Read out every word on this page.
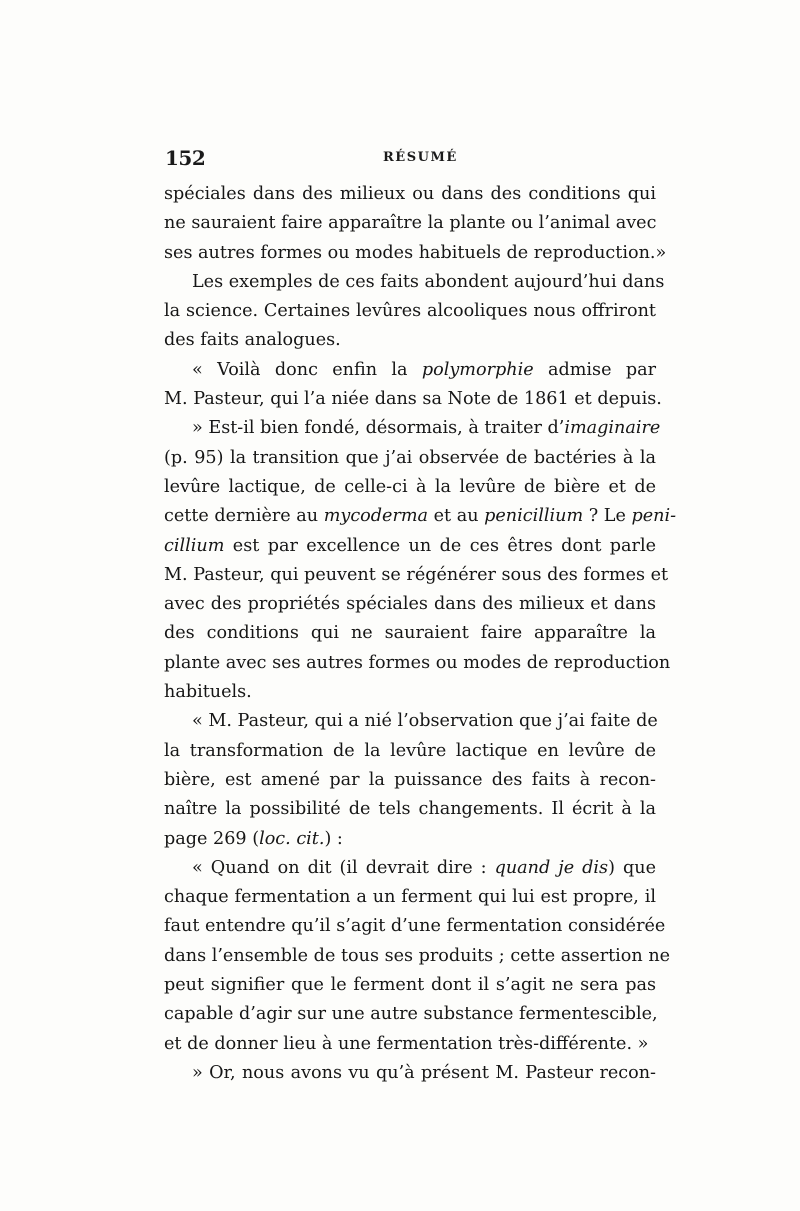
152	RÉSUMÉ
spéciales dans des milieux ou dans des conditions qui
ne sauraient faire apparaître la plante ou l’animal avec
ses autres formes ou modes habituels de reproduction.»
Les exemples de ces faits abondent aujourd’hui dans
la science. Certaines levûres alcooliques nous offriront
des faits analogues.
« Voilà donc enfin la polymorphie admise par
M. Pasteur, qui l’a niée dans sa Note de 1861 et depuis.
» Est-il bien fondé, désormais, à traiter d’imaginaire
(p. 95) la transition que j’ai observée de bactéries à la
levûre lactique, de celle-ci à la levûre de bière et de
cette dernière au mycoderma et au penicillium ? Le peni-
cillium est par excellence un de ces êtres dont parle
M. Pasteur, qui peuvent se régénérer sous des formes et
avec des propriétés spéciales dans des milieux et dans
des conditions qui ne sauraient faire apparaître la
plante avec ses autres formes ou modes de reproduction
habituels.
« M. Pasteur, qui a nié l’observation que j’ai faite de
la transformation de la levûre lactique en levûre de
bière, est amené par la puissance des faits à recon-
naître la possibilité de tels changements. Il écrit à la
page 269 (loc. cit.) :
« Quand on dit (il devrait dire : quand je dis) que
chaque fermentation a un ferment qui lui est propre, il
faut entendre qu’il s’agit d’une fermentation considérée
dans l’ensemble de tous ses produits ; cette assertion ne
peut signifier que le ferment dont il s’agit ne sera pas
capable d’agir sur une autre substance fermentescible,
et de donner lieu à une fermentation très-différente. »
» Or, nous avons vu qu’à présent M. Pasteur recon-
